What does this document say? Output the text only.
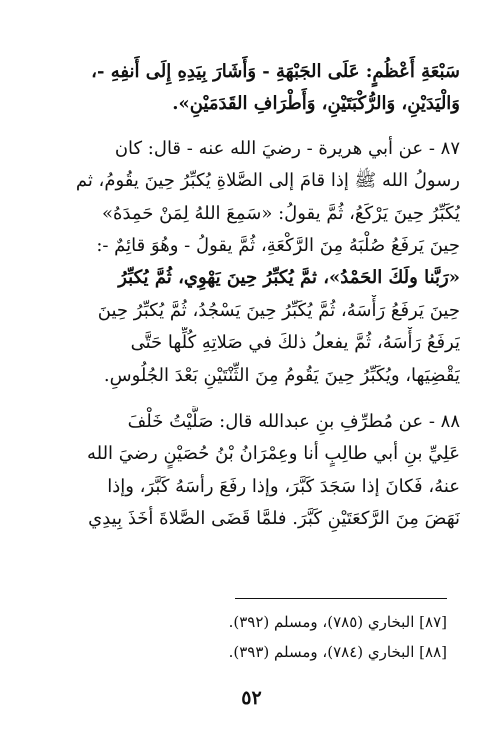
سَبْعَةِ أَعْظُمٍ: عَلَى الجَبْهَةِ - وَأَشَارَ بِيَدِهِ إِلَى أَنفِهِ -،
وَالْيَدَيْنِ، وَالرُّكْبَتَيْنِ، وَأَطْرَافِ القَدَمَيْنِ».
٨٧ - عن أبي هريرة - رضيَ الله عنه - قال: كان
رسولُ الله ﷺ إذا قامَ إلى الصَّلاةِ يُكبِّرُ حِينَ يقُومُ، ثم
يُكَبِّرُ حِينَ يَرْكَعُ، ثُمَّ يقولُ: «سَمِعَ اللهُ لِمَنْ حَمِدَهُ»
حِينَ يَرفَعُ صُلْبَهُ مِنَ الرَّكْعَةِ، ثُمَّ يقولُ - وهُوَ قائِمٌ -:
«رَبَّنا ولَكَ الحَمْدُ»، ثمَّ يُكبِّرُ حِينَ يَهْوِي، ثُمَّ يُكبِّرُ
حِينَ يَرفَعُ رَأْسَهُ، ثُمَّ يُكَبِّرُ حِينَ يَسْجُدُ، ثُمَّ يُكبِّرُ حِينَ
يَرفَعُ رَأْسَهُ، ثُمَّ يفعلُ ذلكَ في صَلاتِهِ كُلِّها حَتَّى
يَقْضِيَها، ويُكَبِّرُ حِينَ يَقُومُ مِنَ الثِّنْتَيْنِ بَعْدَ الجُلُوسِ.
٨٨ - عن مُطرِّفِ بنِ عبدالله قال: صَلَّيْتُ خَلْفَ
عَلِيِّ بنِ أبي طالِبٍ أنا وعِمْرَانُ بْنُ حُصَيْنٍ رضيَ الله
عنهُ، فَكانَ إذا سَجَدَ كَبَّرَ، وإذا رفَعَ رأسَهُ كَبَّرَ، وإذا
نَهَضَ مِنَ الرَّكعَتَيْنِ كَبَّرَ. فلمَّا قَضَى الصَّلاةَ أخَذَ بِيدِي
[٨٧] البخاري (٧٨٥)، ومسلم (٣٩٢).
[٨٨] البخاري (٧٨٤)، ومسلم (٣٩٣).
٥٢
